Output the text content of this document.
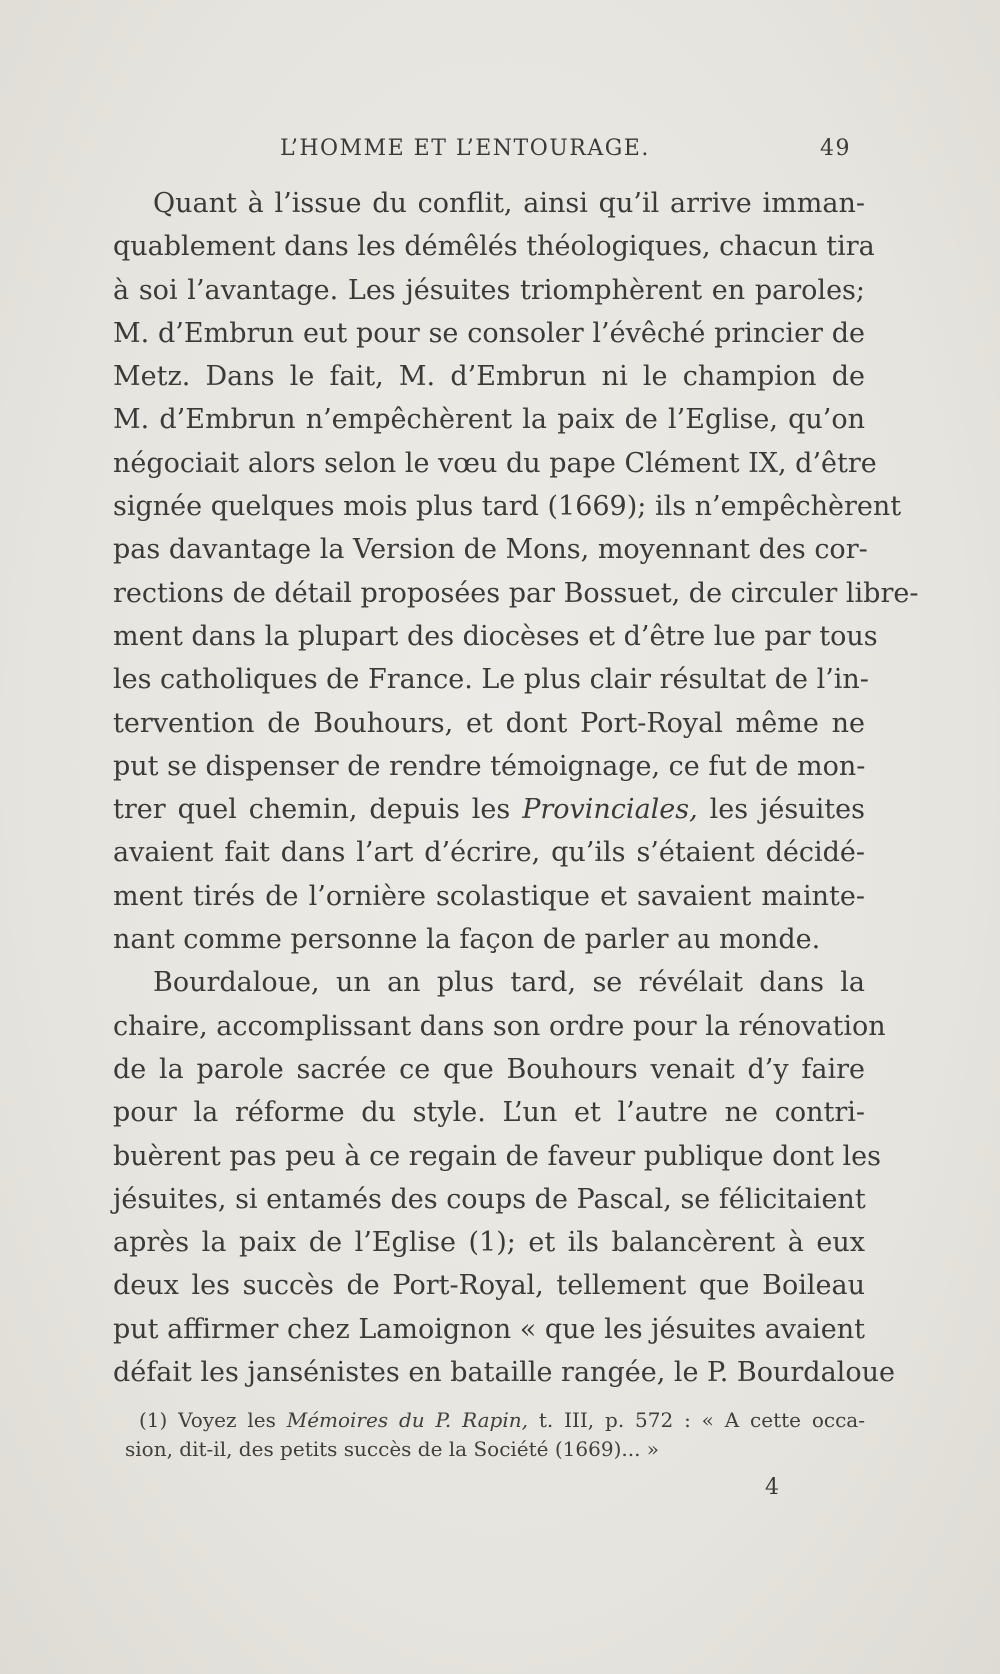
L’HOMME ET L’ENTOURAGE.	49
Quant à l’issue du conflit, ainsi qu’il arrive imman-
quablement dans les démêlés théologiques, chacun tira
à soi l’avantage. Les jésuites triomphèrent en paroles;
M. d’Embrun eut pour se consoler l’évêché princier de
Metz. Dans le fait, M. d’Embrun ni le champion de
M. d’Embrun n’empêchèrent la paix de l’Eglise, qu’on
négociait alors selon le vœu du pape Clément IX, d’être
signée quelques mois plus tard (1669); ils n’empêchèrent
pas davantage la Version de Mons, moyennant des cor-
rections de détail proposées par Bossuet, de circuler libre-
ment dans la plupart des diocèses et d’être lue par tous
les catholiques de France. Le plus clair résultat de l’in-
tervention de Bouhours, et dont Port-Royal même ne
put se dispenser de rendre témoignage, ce fut de mon-
trer quel chemin, depuis les Provinciales, les jésuites
avaient fait dans l’art d’écrire, qu’ils s’étaient décidé-
ment tirés de l’ornière scolastique et savaient mainte-
nant comme personne la façon de parler au monde.
Bourdaloue, un an plus tard, se révélait dans la
chaire, accomplissant dans son ordre pour la rénovation
de la parole sacrée ce que Bouhours venait d’y faire
pour la réforme du style. L’un et l’autre ne contri-
buèrent pas peu à ce regain de faveur publique dont les
jésuites, si entamés des coups de Pascal, se félicitaient
après la paix de l’Eglise (1); et ils balancèrent à eux
deux les succès de Port-Royal, tellement que Boileau
put affirmer chez Lamoignon « que les jésuites avaient
défait les jansénistes en bataille rangée, le P. Bourdaloue
(1) Voyez les Mémoires du P. Rapin, t. III, p. 572 : « A cette occa-
sion, dit-il, des petits succès de la Société (1669)... »
4
